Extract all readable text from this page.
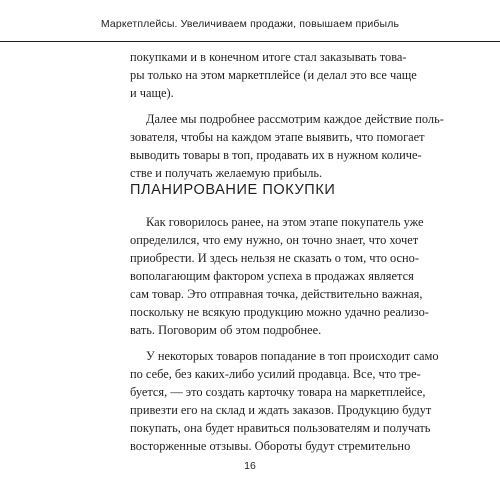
Маркетплейсы. Увеличиваем продажи, повышаем прибыль
покупками и в конечном итоге стал заказывать това-
ры только на этом маркетплейсе (и делал это все чаще
и чаще).
Далее мы подробнее рассмотрим каждое действие поль-
зователя, чтобы на каждом этапе выявить, что помогает
выводить товары в топ, продавать их в нужном количе-
стве и получать желаемую прибыль.
ПЛАНИРОВАНИЕ ПОКУПКИ
Как говорилось ранее, на этом этапе покупатель уже
определился, что ему нужно, он точно знает, что хочет
приобрести. И здесь нельзя не сказать о том, что осно-
вополагающим фактором успеха в продажах является
сам товар. Это отправная точка, действительно важная,
поскольку не всякую продукцию можно удачно реализо-
вать. Поговорим об этом подробнее.
У некоторых товаров попадание в топ происходит само
по себе, без каких-либо усилий продавца. Все, что тре-
буется, — это создать карточку товара на маркетплейсе,
привезти его на склад и ждать заказов. Продукцию будут
покупать, она будет нравиться пользователям и получать
восторженные отзывы. Обороты будут стремительно
16
